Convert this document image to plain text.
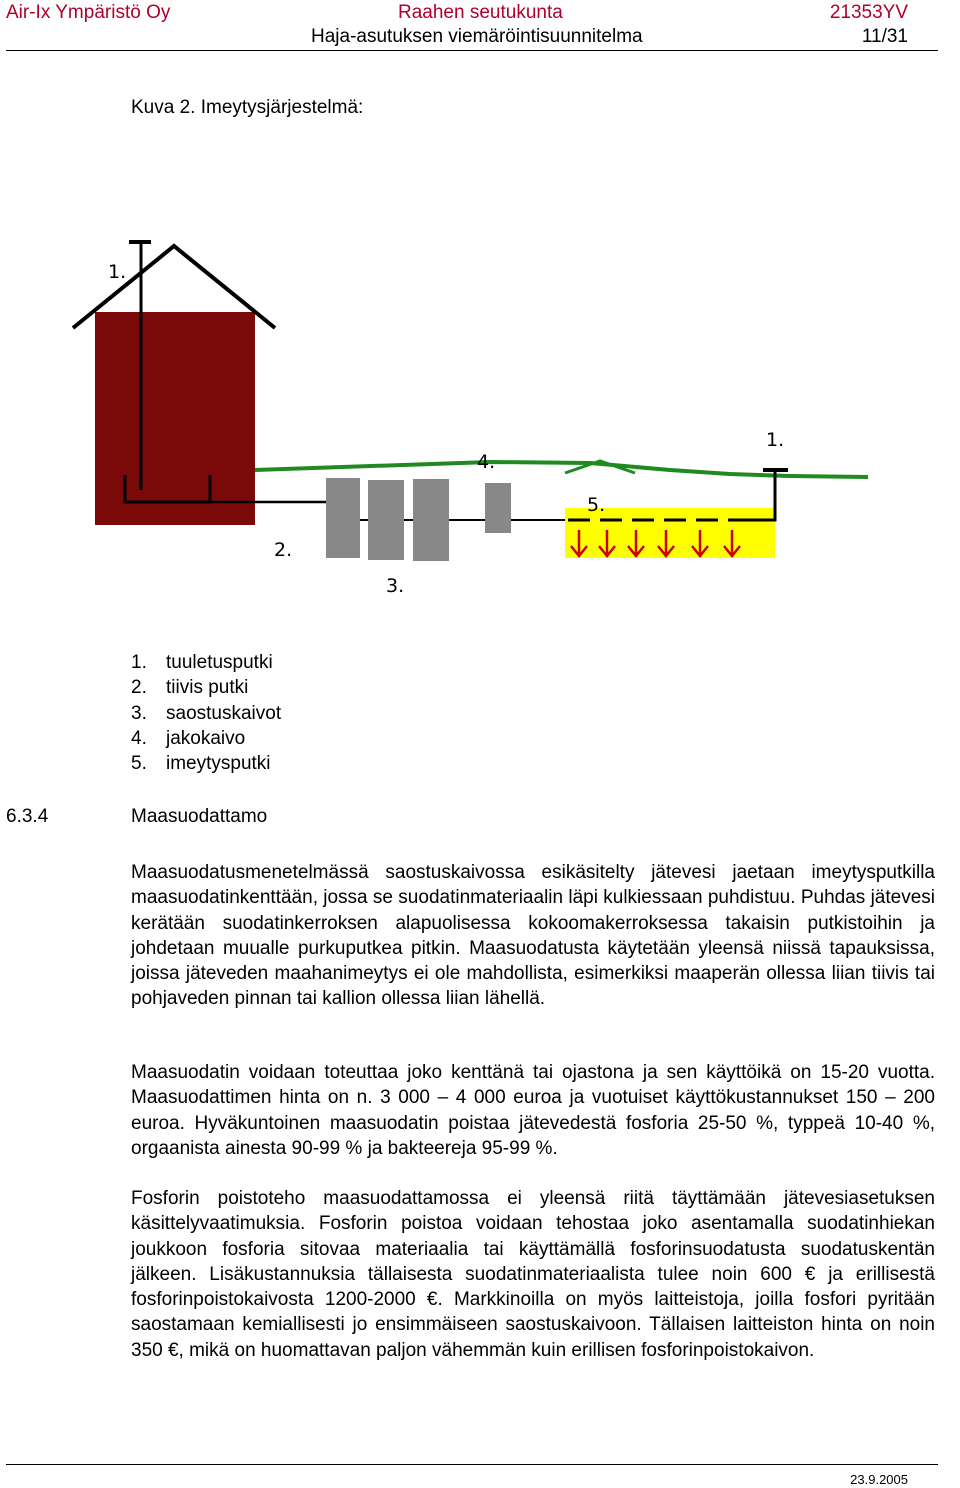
Air-Ix Ympäristö Oy	Raahen seutukunta	21353YV
Haja-asutuksen viemäröintisuunnitelma	11/31
Kuva 2. Imeytysjärjestelmä:
1.
2.
3.
4.
5.
1.
1.	tuuletusputki
2.	tiivis putki
3.	saostuskaivot
4.	jakokaivo
5.	imeytysputki
6.3.4	Maasuodattamo

Maasuodatusmenetelmässä saostuskaivossa esikäsitelty jätevesi jaetaan imeytysputkilla maasuodatinkenttään, jossa se suodatinmateriaalin läpi kulkiessaan puhdistuu. Puhdas jätevesi kerätään suodatinkerroksen alapuolisessa kokoomakerroksessa takaisin putkistoihin ja johdetaan muualle purkuputkea pitkin. Maasuodatusta käytetään yleensä niissä tapauksissa, joissa jäteveden maahanimeytys ei ole mahdollista, esimerkiksi maaperän ollessa liian tiivis tai pohjaveden pinnan tai kallion ollessa liian lähellä.

Maasuodatin voidaan toteuttaa joko kenttänä tai ojastona ja sen käyttöikä on 15-20 vuotta. Maasuodattimen hinta on n. 3 000 – 4 000 euroa ja vuotuiset käyttökustannukset 150 – 200 euroa. Hyväkuntoinen maasuodatin poistaa jätevedestä fosforia 25-50 %, typpeä 10-40 %, orgaanista ainesta 90-99 % ja bakteereja 95-99 %.

Fosforin poistoteho maasuodattamossa ei yleensä riitä täyttämään jätevesiasetuksen käsittelyvaatimuksia. Fosforin poistoa voidaan tehostaa joko asentamalla suodatinhiekan joukkoon fosforia sitovaa materiaalia tai käyttämällä fosforinsuodatusta suodatuskentän jälkeen. Lisäkustannuksia tällaisesta suodatinmateriaalista tulee noin 600 € ja erillisestä fosforinpoistokaivosta 1200-2000 €. Markkinoilla on myös laitteistoja, joilla fosfori pyritään saostamaan kemiallisesti jo ensimmäiseen saostuskaivoon. Tällaisen laitteiston hinta on noin 350 €, mikä on huomattavan paljon vähemmän kuin erillisen fosforinpoistokaivon.

23.9.2005
